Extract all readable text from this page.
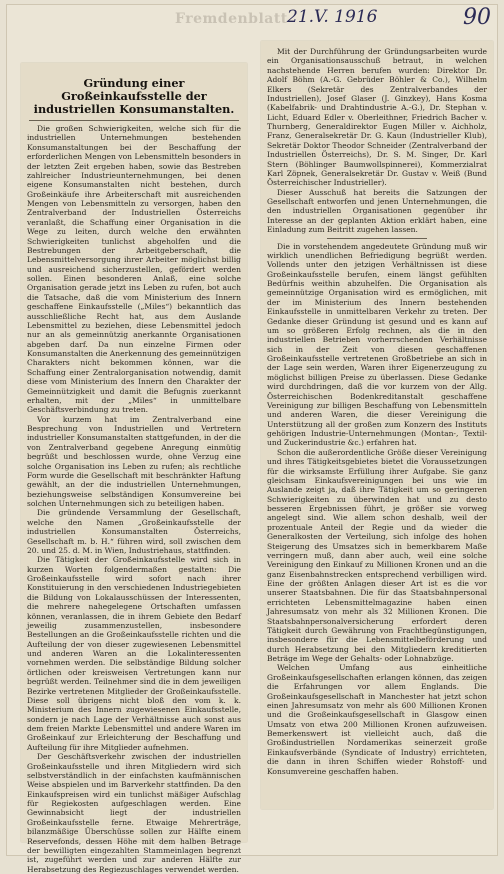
Fremdenblatt 21.V. 1916	90
Gründung einer Großeinkaufsstelle der industriellen Konsumanstalten.

Die großen Schwierigkeiten, welche sich für die industriellen Unternehmungen bestehenden Konsumanstaltungen bei der Beschaffung der erforderlichen Mengen von Lebensmitteln besonders in der letzten Zeit ergeben haben, sowie das Bestreben zahlreicher Industrieunternehmungen, bei denen eigene Konsumanstalten nicht bestehen, durch Großeinkäufe ihre Arbeiterschaft mit ausreichenden Mengen von Lebensmitteln zu versorgen, haben den Zentralverband der Industriellen Österreichs veranlaßt, die Schaffung einer Organisation in die Wege zu leiten, durch welche den erwähnten Schwierigkeiten tunlichst abgeholfen und die Bestrebungen der Arbeitgeberschaft, die Lebensmittelversorgung ihrer Arbeiter möglichst billig und ausreichend sicherzustellen, gefördert werden sollen. Einen besonderen Anlaß, eine solche Organisation gerade jetzt ins Leben zu rufen, bot auch die Tatsache, daß die vom Ministerium des Innern geschaffene Einkaufsstelle („Miles“) bekanntlich das ausschließliche Recht hat, aus dem Auslande Lebensmittel zu beziehen, diese Lebensmittel jedoch nur an als gemeinnützig anerkannte Organisationen abgeben darf. Da nun einzelne Firmen oder Konsumanstalten die Anerkennung des gemeinnützigen Charakters nicht bekommen können, war die Schaffung einer Zentralorganisation notwendig, damit diese vom Ministerium des Innern den Charakter der Gemeinnützigkeit und damit die Befugnis zuerkannt erhalten, mit der „Miles“ in unmittelbare Geschäftsverbindung zu treten.

Vor kurzem hat im Zentralverband eine Besprechung von Industriellen und Vertretern industrieller Konsumanstalten stattgefunden, in der die von Zentralverband gegebene Anregung einmütig begrüßt und beschlossen wurde, ohne Verzug eine solche Organisation ins Leben zu rufen; als rechtliche Form wurde die Gesellschaft mit beschränkter Haftung gewählt, an der die industriellen Unternehmungen, beziehungsweise selbständigen Konsumvereine bei solchen Unternehmungen sich zu beteiligen haben.

Die gründende Versammlung der Gesellschaft, welche den Namen „Großeinkaufsstelle der industriellen Konsumanstalten Österreichs, Gesellschaft m. b. H.“ führen wird, soll zwischen dem 20. und 25. d. M. in Wien, Industriehaus, stattfinden.

Die Tätigkeit der Großeinkaufsstelle wird sich in kurzen Worten folgendermaßen gestalten: Die Großeinkaufsstelle wird sofort nach ihrer Konstituierung in den verschiedenen Industriegebieten die Bildung von Lokalausschüssen der Interessenten, die mehrere nahegelegene Ortschaften umfassen können, veranlassen, die in ihrem Gebiete den Bedarf jeweilig zusammenzustellen, insbesondere Bestellungen an die Großeinkaufsstelle richten und die Aufteilung der von dieser zugewiesenen Lebensmittel und anderen Waren an die Lokalinteressenten vornehmen werden. Die selbständige Bildung solcher örtlichen oder kreisweisen Vertretungen kann nur begrüßt werden. Teilnehmer sind die in dem jeweiligen Bezirke vertretenen Mitglieder der Großeinkaufsstelle. Diese soll übrigens nicht bloß den vom k. k. Ministerium des Innern zugewiesenen Einkaufsstelle, sondern je nach Lage der Verhältnisse auch sonst aus dem freien Markte Lebensmittel und andere Waren im Großeinkauf zur Erleichterung der Beschaffung und Aufteilung für ihre Mitglieder aufnehmen.

Der Geschäftsverkehr zwischen der industriellen Großeinkaufsstelle und ihren Mitgliedern wird sich selbstverständlich in der einfachsten kaufmännischen Weise abspielen und im Barverkehr stattfinden. Da den Einkaufspreisen wird ein tunlichst mäßiger Aufschlag für Regiekosten aufgeschlagen werden. Eine Gewinnabsicht liegt der industriellen Großeinkaufsstelle ferne. Etwaige Mehrerträge, bilanzmäßige Überschüsse sollen zur Hälfte einem Reservefonds, dessen Höhe mit dem halben Betrage der bewilligten eingezahlten Stammeinlagen begrenzt ist, zugeführt werden und zur anderen Hälfte zur Herabsetzung des Regiezuschlages verwendet werden.

Mit der Durchführung der Gründungsarbeiten wurde ein Organisationsausschuß betraut, in welchen nachstehende Herren berufen wurden: Direktor Dr. Adolf Böhm (A.-G. Gebrüder Böhler & Co.), Wilhelm Elkers (Sekretär des Zentralverbandes der Industriellen), Josef Glaser (J. Ginzkey), Hans Kosma (Kabelfabrik- und Drahtindustrie A.-G.), Dr. Stephan v. Licht, Eduard Edler v. Oberleithner, Friedrich Bacher v. Thurnberg, Generaldirektor Eugen Miller v. Aichholz, Franz, Generalsekretär Dr. G. Kaun (Industrieller Klub), Sekretär Doktor Theodor Schneider (Zentralverband der Industriellen Österreichs), Dr. S. M. Singer, Dr. Karl Stern (Böhlinger Baumwollspinnerei), Kommerzialrat Karl Zöpnek, Generalsekretär Dr. Gustav v. Weiß (Bund Österreichischer Industrieller).

Dieser Ausschuß hat bereits die Satzungen der Gesellschaft entworfen und jenen Unternehmungen, die den industriellen Organisationen gegenüber ihr Interesse an der geplanten Aktion erklärt haben, eine Einladung zum Beitritt zugehen lassen.

Die in vorstehendem angedeutete Gründung muß wir wirklich unendlichen Befriedigung begrüßt werden. Vollends unter den jetzigen Verhältnissen ist diese Großeinkaufsstelle berufen, einem längst gefühlten Bedürfnis weithin abzuhelfen. Die Organisation als gemeinnützige Organisation wird es ermöglichen, mit der im Ministerium des Innern bestehenden Einkaufsstelle in unmittelbaren Verkehr zu treten. Der Gedanke dieser Gründung ist gesund und es kann auf um so größeren Erfolg rechnen, als die in den industriellen Betrieben vorherrschenden Verhältnisse sich in der Zeit von diesen geschaffenen Großeinkaufsstelle vertretenen Großbetriebe an sich in der Lage sein werden, Waren ihrer Eigenerzeugung zu möglichst billigen Preise zu überlassen. Diese Gedanke wird durchdringen, daß die vor kurzem von der Allg. Österreichischen Bodenkreditanstalt geschaffene Vereinigung zur billigen Beschaffung von Lebensmitteln und anderen Waren, die dieser Vereinigung die Unterstützung all der großen zum Konzern des Instituts gehörigen Industrie-Unternehmungen (Montan-, Textil- und Zuckerindustrie &c.) erfahren hat.

Schon die außerordentliche Größe dieser Vereinigung und ihres Tätigkeitsgebietes bietet die Voraussetzungen für die wirksamste Erfüllung ihrer Aufgabe. Sie ganz gleichsam Einkaufsvereinigungen bei uns wie im Auslande zeigt ja, daß ihre Tätigkeit um so geringeren Schwierigkeiten zu überwinden hat und zu desto besseren Ergebnissen führt, je größer sie vorweg angelegt sind. Wie allem schon deshalb, weil der prozentuale Anteil der Regie und da wieder die Generalkosten der Verteilung, sich infolge des hohen Steigerung des Umsatzes sich in bemerkbarem Maße verringern muß, dann aber auch, weil eine solche Vereinigung den Einkauf zu Millionen Kronen und an die ganz Eisenbahnstrecken entsprechend verbilligen wird. Eine der größten Anlagen dieser Art ist es die vor unserer Staatsbahnen. Die für das Staatsbahnpersonal errichteten Lebensmittelmagazine haben einen Jahresumsatz von mehr als 32 Millionen Kronen. Die Staatsbahnpersonalversicherung erfordert deren Tätigkeit durch Gewährung von Frachtbegünstigungen, insbesondere für die Lebensmittelbeförderung und durch Herabsetzung bei den Mitgliedern kreditierten Beträge im Wege der Gehalts- oder Lohnabzüge.

Welchen Umfang aus einheitliche Großeinkaufsgesellschaften erlangen können, das zeigen die Erfahrungen vor allem Englands. Die Großeinkaufsgesellschaft in Manchester hat jetzt schon einen Jahresumsatz von mehr als 600 Millionen Kronen und die Großeinkaufsgesellschaft in Glasgow einen Umsatz von etwa 200 Millionen Kronen aufzuweisen. Bemerkenswert ist vielleicht auch, daß die Großindustriellen Nordamerikas seinerzeit große Einkaufsverbände (Syndicate of Industry) errichteten, die dann in ihren Schiffen wieder Rohstoff- und Konsumvereine geschaffen haben.
